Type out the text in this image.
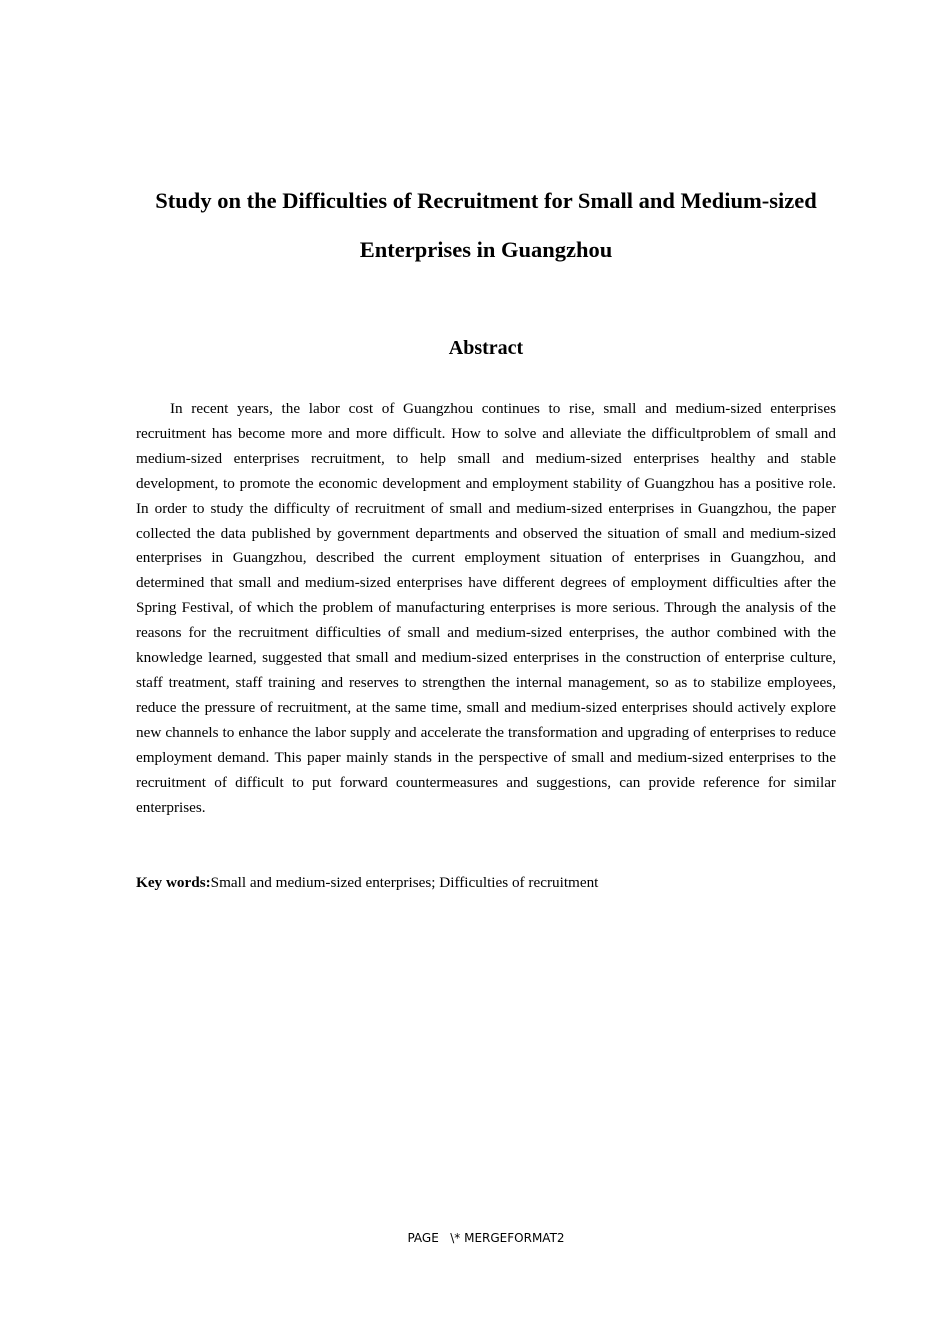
Study on the Difficulties of Recruitment for Small and Medium-sized Enterprises in Guangzhou
Abstract

In recent years, the labor cost of Guangzhou continues to rise, small and medium-sized enterprises recruitment has become more and more difficult. How to solve and alleviate the difficultproblem of small and medium-sized enterprises recruitment, to help small and medium-sized enterprises healthy and stable development, to promote the economic development and employment stability of Guangzhou has a positive role. In order to study the difficulty of recruitment of small and medium-sized enterprises in Guangzhou, the paper collected the data published by government departments and observed the situation of small and medium-sized enterprises in Guangzhou, described the current employment situation of enterprises in Guangzhou, and determined that small and medium-sized enterprises have different degrees of employment difficulties after the Spring Festival, of which the problem of manufacturing enterprises is more serious. Through the analysis of the reasons for the recruitment difficulties of small and medium-sized enterprises, the author combined with the knowledge learned, suggested that small and medium-sized enterprises in the construction of enterprise culture, staff treatment, staff training and reserves to strengthen the internal management, so as to stabilize employees, reduce the pressure of recruitment, at the same time, small and medium-sized enterprises should actively explore new channels to enhance the labor supply and accelerate the transformation and upgrading of enterprises to reduce employment demand. This paper mainly stands in the perspective of small and medium-sized enterprises to the recruitment of difficult to put forward countermeasures and suggestions, can provide reference for similar enterprises.

Key words:Small and medium-sized enterprises; Difficulties of recruitment

PAGE   \* MERGEFORMAT2
